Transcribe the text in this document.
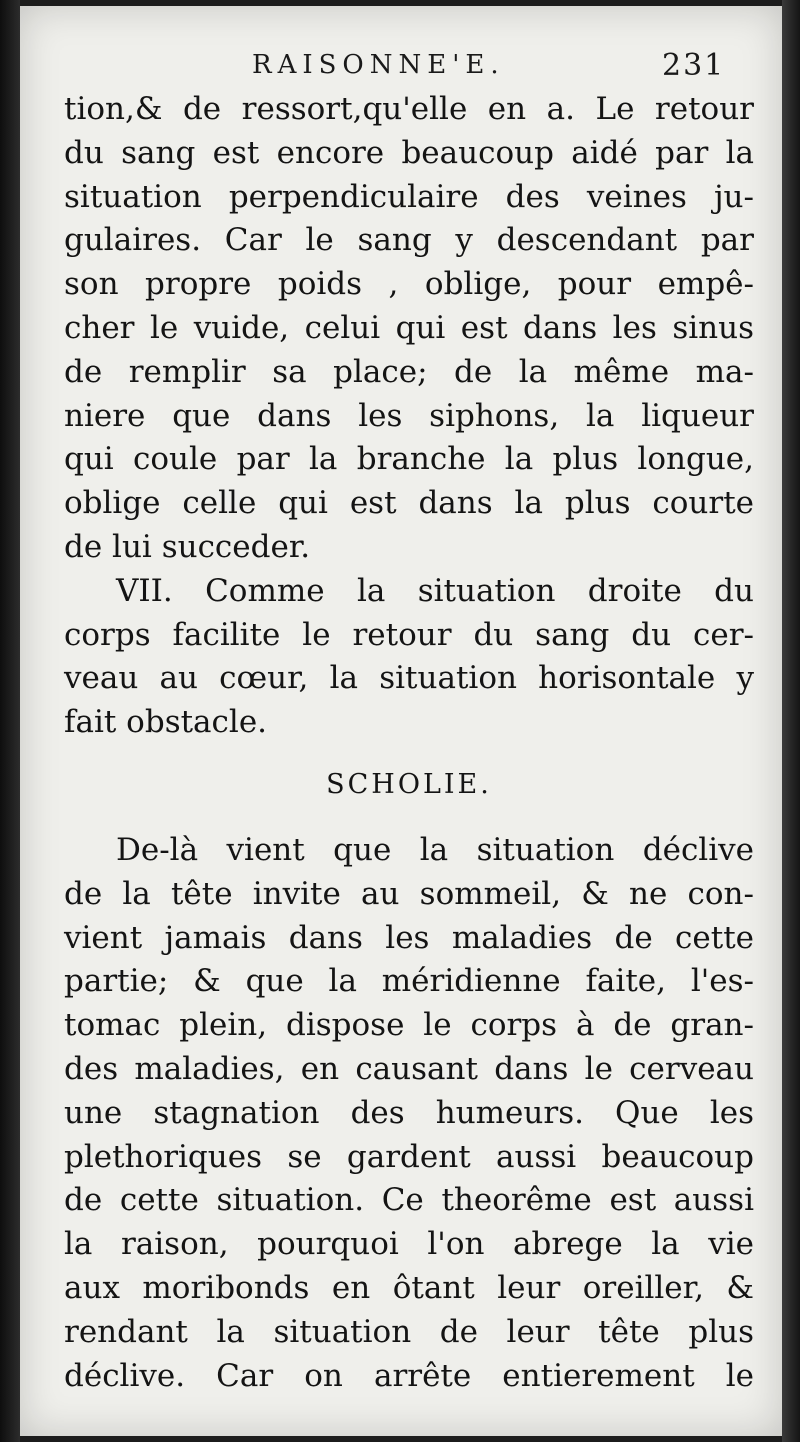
RAISONNE'E.	231
tion,& de ressort,qu'elle en a. Le retour
du sang est encore beaucoup aidé par la
situation perpendiculaire des veines ju-
gulaires. Car le sang y descendant par
son propre poids , oblige, pour empê-
cher le vuide, celui qui est dans les sinus
de remplir sa place; de la même ma-
niere que dans les siphons, la liqueur
qui coule par la branche la plus longue,
oblige celle qui est dans la plus courte
de lui succeder.
VII. Comme la situation droite du
corps facilite le retour du sang du cer-
veau au cœur, la situation horisontale y
fait obstacle.
SCHOLIE.
De-là vient que la situation déclive
de la tête invite au sommeil, & ne con-
vient jamais dans les maladies de cette
partie; & que la méridienne faite, l'es-
tomac plein, dispose le corps à de gran-
des maladies, en causant dans le cerveau
une stagnation des humeurs. Que les
plethoriques se gardent aussi beaucoup
de cette situation. Ce theorême est aussi
la raison, pourquoi l'on abrege la vie
aux moribonds en ôtant leur oreiller, &
rendant la situation de leur tête plus
déclive. Car on arrête entierement le
